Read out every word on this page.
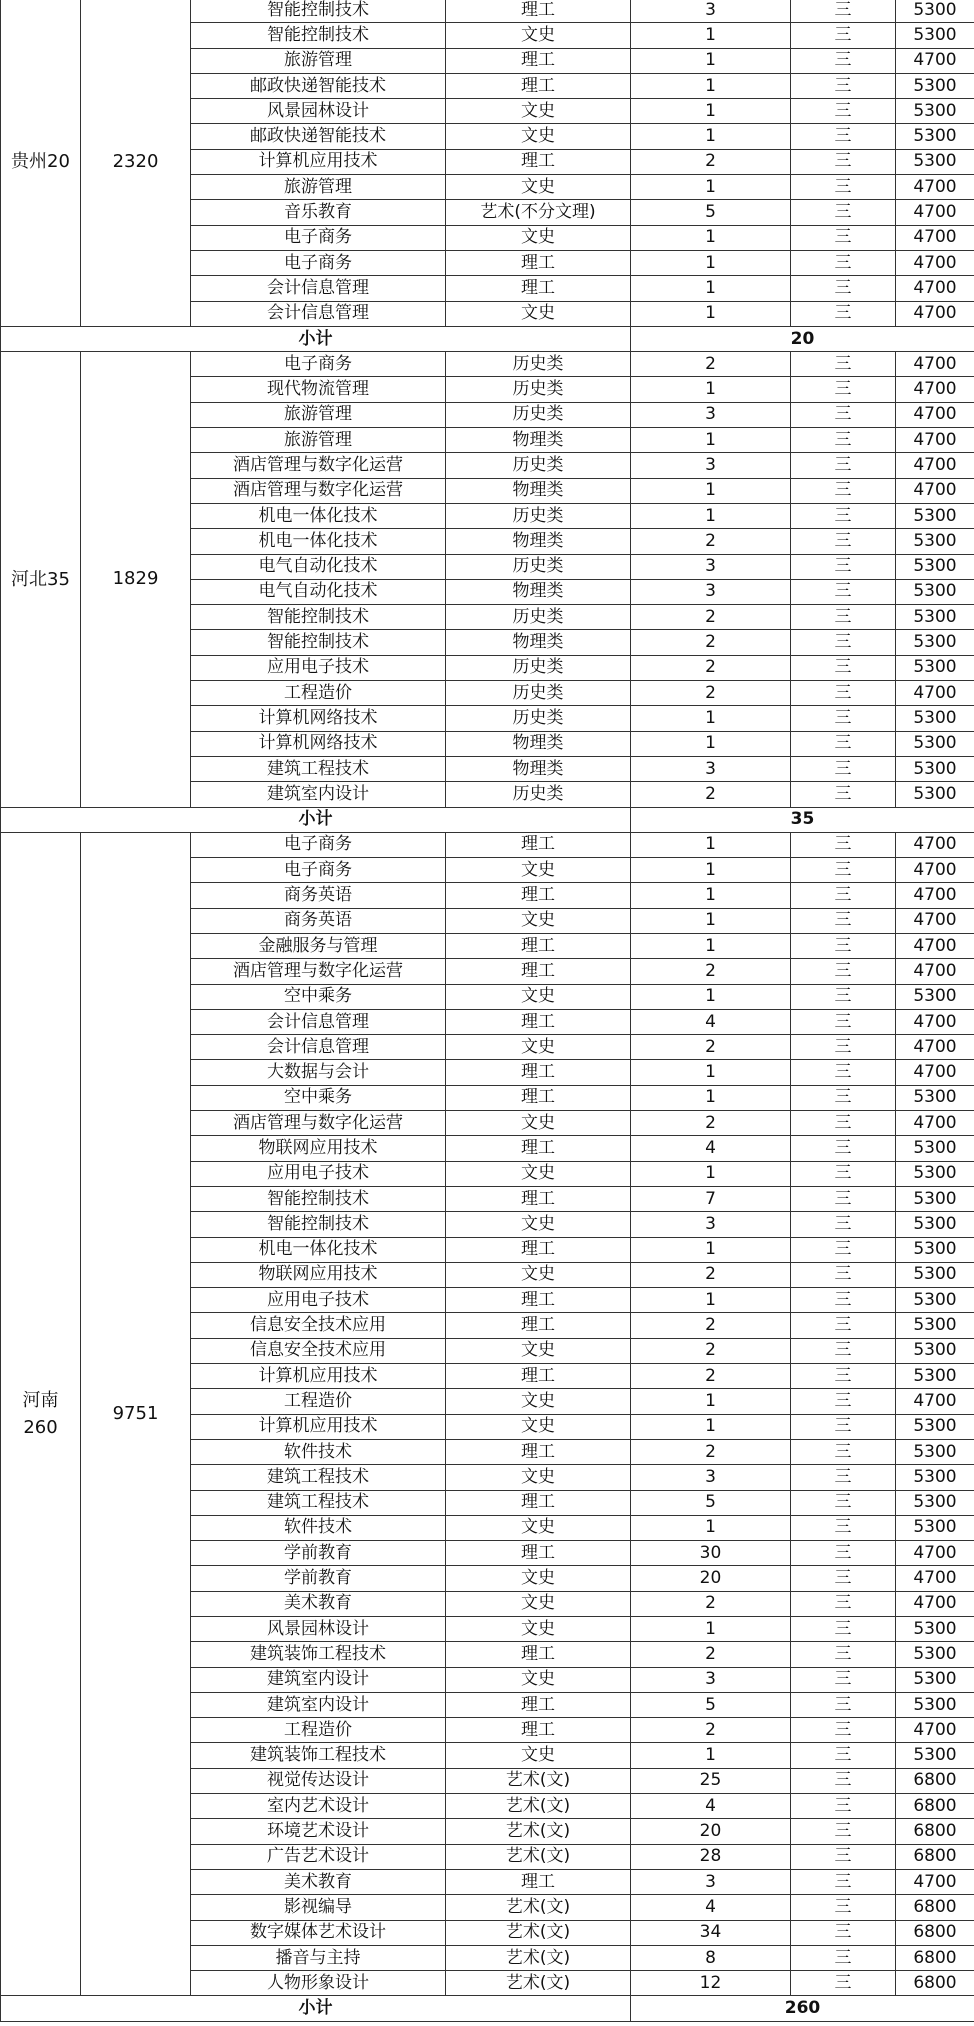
贵州20	2320	智能控制技术	理工	3	三	5300
		智能控制技术	文史	1	三	5300
		旅游管理	理工	1	三	4700
		邮政快递智能技术	理工	1	三	5300
		风景园林设计	文史	1	三	5300
		邮政快递智能技术	文史	1	三	5300
		计算机应用技术	理工	2	三	5300
		旅游管理	文史	1	三	4700
		音乐教育	艺术(不分文理)	5	三	4700
		电子商务	文史	1	三	4700
		电子商务	理工	1	三	4700
		会计信息管理	理工	1	三	4700
		会计信息管理	文史	1	三	4700
小计				20		
河北35	1829	电子商务	历史类	2	三	4700
		现代物流管理	历史类	1	三	4700
		旅游管理	历史类	3	三	4700
		旅游管理	物理类	1	三	4700
		酒店管理与数字化运营	历史类	3	三	4700
		酒店管理与数字化运营	物理类	1	三	4700
		机电一体化技术	历史类	1	三	5300
		机电一体化技术	物理类	2	三	5300
		电气自动化技术	历史类	3	三	5300
		电气自动化技术	物理类	3	三	5300
		智能控制技术	历史类	2	三	5300
		智能控制技术	物理类	2	三	5300
		应用电子技术	历史类	2	三	5300
		工程造价	历史类	2	三	4700
		计算机网络技术	历史类	1	三	5300
		计算机网络技术	物理类	1	三	5300
		建筑工程技术	物理类	3	三	5300
		建筑室内设计	历史类	2	三	5300
小计				35		
河南
260	9751	电子商务	理工	1	三	4700
		电子商务	文史	1	三	4700
		商务英语	理工	1	三	4700
		商务英语	文史	1	三	4700
		金融服务与管理	理工	1	三	4700
		酒店管理与数字化运营	理工	2	三	4700
		空中乘务	文史	1	三	5300
		会计信息管理	理工	4	三	4700
		会计信息管理	文史	2	三	4700
		大数据与会计	理工	1	三	4700
		空中乘务	理工	1	三	5300
		酒店管理与数字化运营	文史	2	三	4700
		物联网应用技术	理工	4	三	5300
		应用电子技术	文史	1	三	5300
		智能控制技术	理工	7	三	5300
		智能控制技术	文史	3	三	5300
		机电一体化技术	理工	1	三	5300
		物联网应用技术	文史	2	三	5300
		应用电子技术	理工	1	三	5300
		信息安全技术应用	理工	2	三	5300
		信息安全技术应用	文史	2	三	5300
		计算机应用技术	理工	2	三	5300
		工程造价	文史	1	三	4700
		计算机应用技术	文史	1	三	5300
		软件技术	理工	2	三	5300
		建筑工程技术	文史	3	三	5300
		建筑工程技术	理工	5	三	5300
		软件技术	文史	1	三	5300
		学前教育	理工	30	三	4700
		学前教育	文史	20	三	4700
		美术教育	文史	2	三	4700
		风景园林设计	文史	1	三	5300
		建筑装饰工程技术	理工	2	三	5300
		建筑室内设计	文史	3	三	5300
		建筑室内设计	理工	5	三	5300
		工程造价	理工	2	三	4700
		建筑装饰工程技术	文史	1	三	5300
		视觉传达设计	艺术(文)	25	三	6800
		室内艺术设计	艺术(文)	4	三	6800
		环境艺术设计	艺术(文)	20	三	6800
		广告艺术设计	艺术(文)	28	三	6800
		美术教育	理工	3	三	4700
		影视编导	艺术(文)	4	三	6800
		数字媒体艺术设计	艺术(文)	34	三	6800
		播音与主持	艺术(文)	8	三	6800
		人物形象设计	艺术(文)	12	三	6800
小计				260		
